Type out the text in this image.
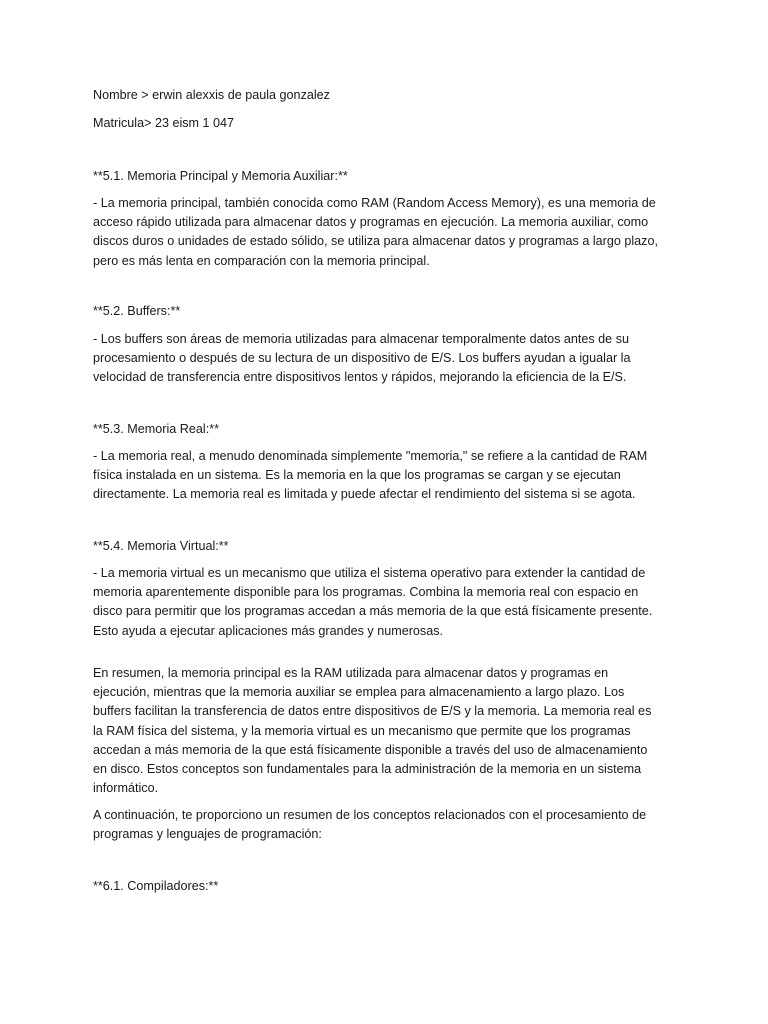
Nombre > erwin alexxis de paula gonzalez

Matricula> 23 eism 1 047

**5.1. Memoria Principal y Memoria Auxiliar:**

- La memoria principal, también conocida como RAM (Random Access Memory), es una memoria de
acceso rápido utilizada para almacenar datos y programas en ejecución. La memoria auxiliar, como
discos duros o unidades de estado sólido, se utiliza para almacenar datos y programas a largo plazo,
pero es más lenta en comparación con la memoria principal.

**5.2. Buffers:**

- Los buffers son áreas de memoria utilizadas para almacenar temporalmente datos antes de su
procesamiento o después de su lectura de un dispositivo de E/S. Los buffers ayudan a igualar la
velocidad de transferencia entre dispositivos lentos y rápidos, mejorando la eficiencia de la E/S.

**5.3. Memoria Real:**

- La memoria real, a menudo denominada simplemente "memoria," se refiere a la cantidad de RAM
física instalada en un sistema. Es la memoria en la que los programas se cargan y se ejecutan
directamente. La memoria real es limitada y puede afectar el rendimiento del sistema si se agota.

**5.4. Memoria Virtual:**

- La memoria virtual es un mecanismo que utiliza el sistema operativo para extender la cantidad de
memoria aparentemente disponible para los programas. Combina la memoria real con espacio en
disco para permitir que los programas accedan a más memoria de la que está físicamente presente.
Esto ayuda a ejecutar aplicaciones más grandes y numerosas.
En resumen, la memoria principal es la RAM utilizada para almacenar datos y programas en
ejecución, mientras que la memoria auxiliar se emplea para almacenamiento a largo plazo. Los
buffers facilitan la transferencia de datos entre dispositivos de E/S y la memoria. La memoria real es
la RAM física del sistema, y la memoria virtual es un mecanismo que permite que los programas
accedan a más memoria de la que está físicamente disponible a través del uso de almacenamiento
en disco. Estos conceptos son fundamentales para la administración de la memoria en un sistema
informático.
A continuación, te proporciono un resumen de los conceptos relacionados con el procesamiento de
programas y lenguajes de programación:

**6.1. Compiladores:**
